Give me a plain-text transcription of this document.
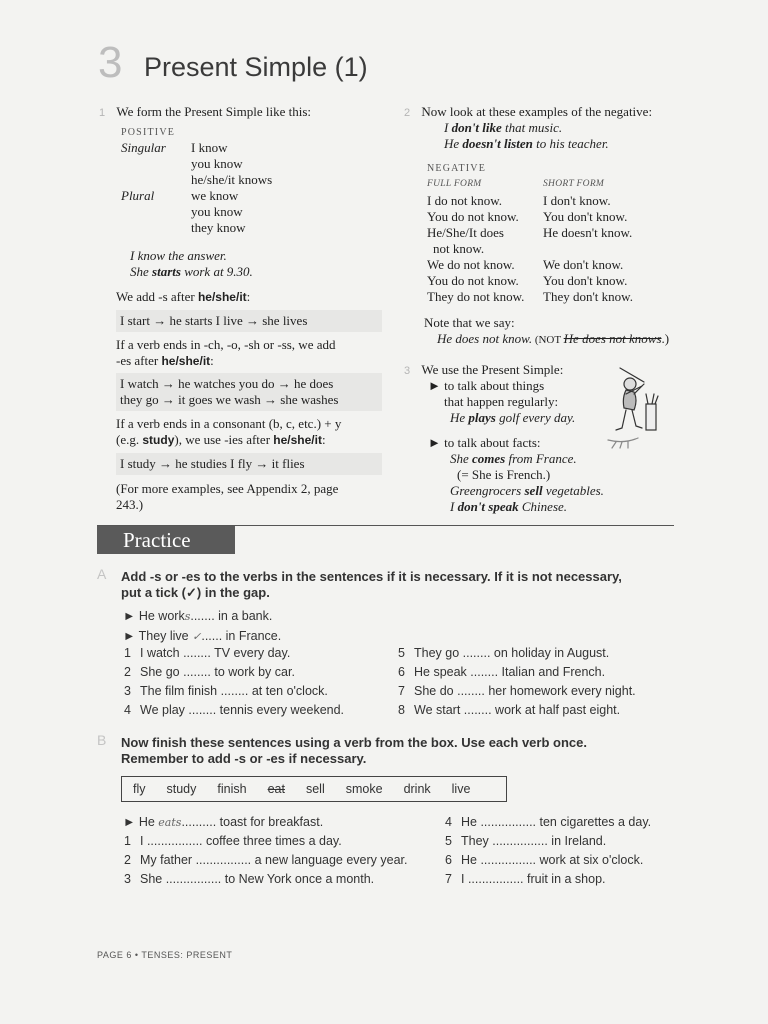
3 Present Simple (1)
1 We form the Present Simple like this:
POSITIVE
Singular I know
you know
he/she/it knows
Plural	we know
you know
they know
I know the answer.
She starts work at 9.30.
We add -s after he/she/it:
I start → he starts I live → she lives
If a verb ends in -ch, -o, -sh or -ss, we add
-es after he/she/it:
I watch → he watches you do → he does
they go → it goes we wash → she washes
If a verb ends in a consonant (b, c, etc.) + y
(e.g. study), we use -ies after he/she/it:
I study → he studies I fly → it flies
(For more examples, see Appendix 2, page
243.)
2 Now look at these examples of the negative:
I don't like that music.
He doesn't listen to his teacher.
NEGATIVE
FULL FORM	SHORT FORM
I do not know.
You do not know.
He/She/It does
not know.
We do not know.
You do not know.
They do not know.
I don't know.
You don't know.
He doesn't know.
We don't know.
You don't know.
They don't know.
Note that we say:
He does not know. (NOT He does not knows.)
3 We use the Present Simple:
► to talk about things
that happen regularly:
He plays golf every day.
► to talk about facts:
She comes from France.
(= She is French.)
Greengrocers sell vegetables.
I don't speak Chinese.
Practice
A Add -s or -es to the verbs in the sentences if it is necessary. If it is not necessary,
put a tick (✓) in the gap.
► He works....... in a bank.
► They live ✓...... in France.
1 I watch ........ TV every day.
2 She go ........ to work by car.
3 The film finish ........ at ten o'clock.
4 We play ........ tennis every weekend.
5 They go ........ on holiday in August.
6 He speak ........ Italian and French.
7 She do ........ her homework every night.
8 We start ........ work at half past eight.
B Now finish these sentences using a verb from the box. Use each verb once.
Remember to add -s or -es if necessary.
fly study finish eat sell smoke drink live
► He eats.......... toast for breakfast.
1 I ................ coffee three times a day.
2 My father ................ a new language every year.
3 She ................ to New York once a month.
4 He ................ ten cigarettes a day.
5 They ................ in Ireland.
6 He ................ work at six o'clock.
7 I ................ fruit in a shop.
PAGE 6 • TENSES: PRESENT
